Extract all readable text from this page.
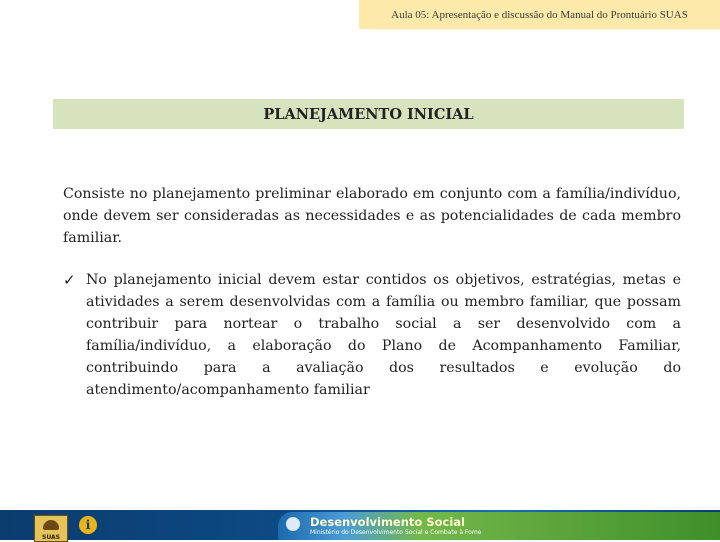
Aula 05: Apresentação e discussão do Manual do Prontuário SUAS
PLANEJAMENTO INICIAL

Consiste no planejamento preliminar elaborado em conjunto com a família/indivíduo, onde devem ser consideradas as necessidades e as potencialidades de cada membro familiar.

✓ No planejamento inicial devem estar contidos os objetivos, estratégias, metas e atividades a serem desenvolvidas com a família ou membro familiar, que possam contribuir para nortear o trabalho social a ser desenvolvido com a família/indivíduo, a elaboração do Plano de Acompanhamento Familiar, contribuindo para a avaliação dos resultados e evolução do atendimento/acompanhamento familiar

SUAS
i	Desenvolvimento Social
Ministério do Desenvolvimento Social e Combate à Fome
